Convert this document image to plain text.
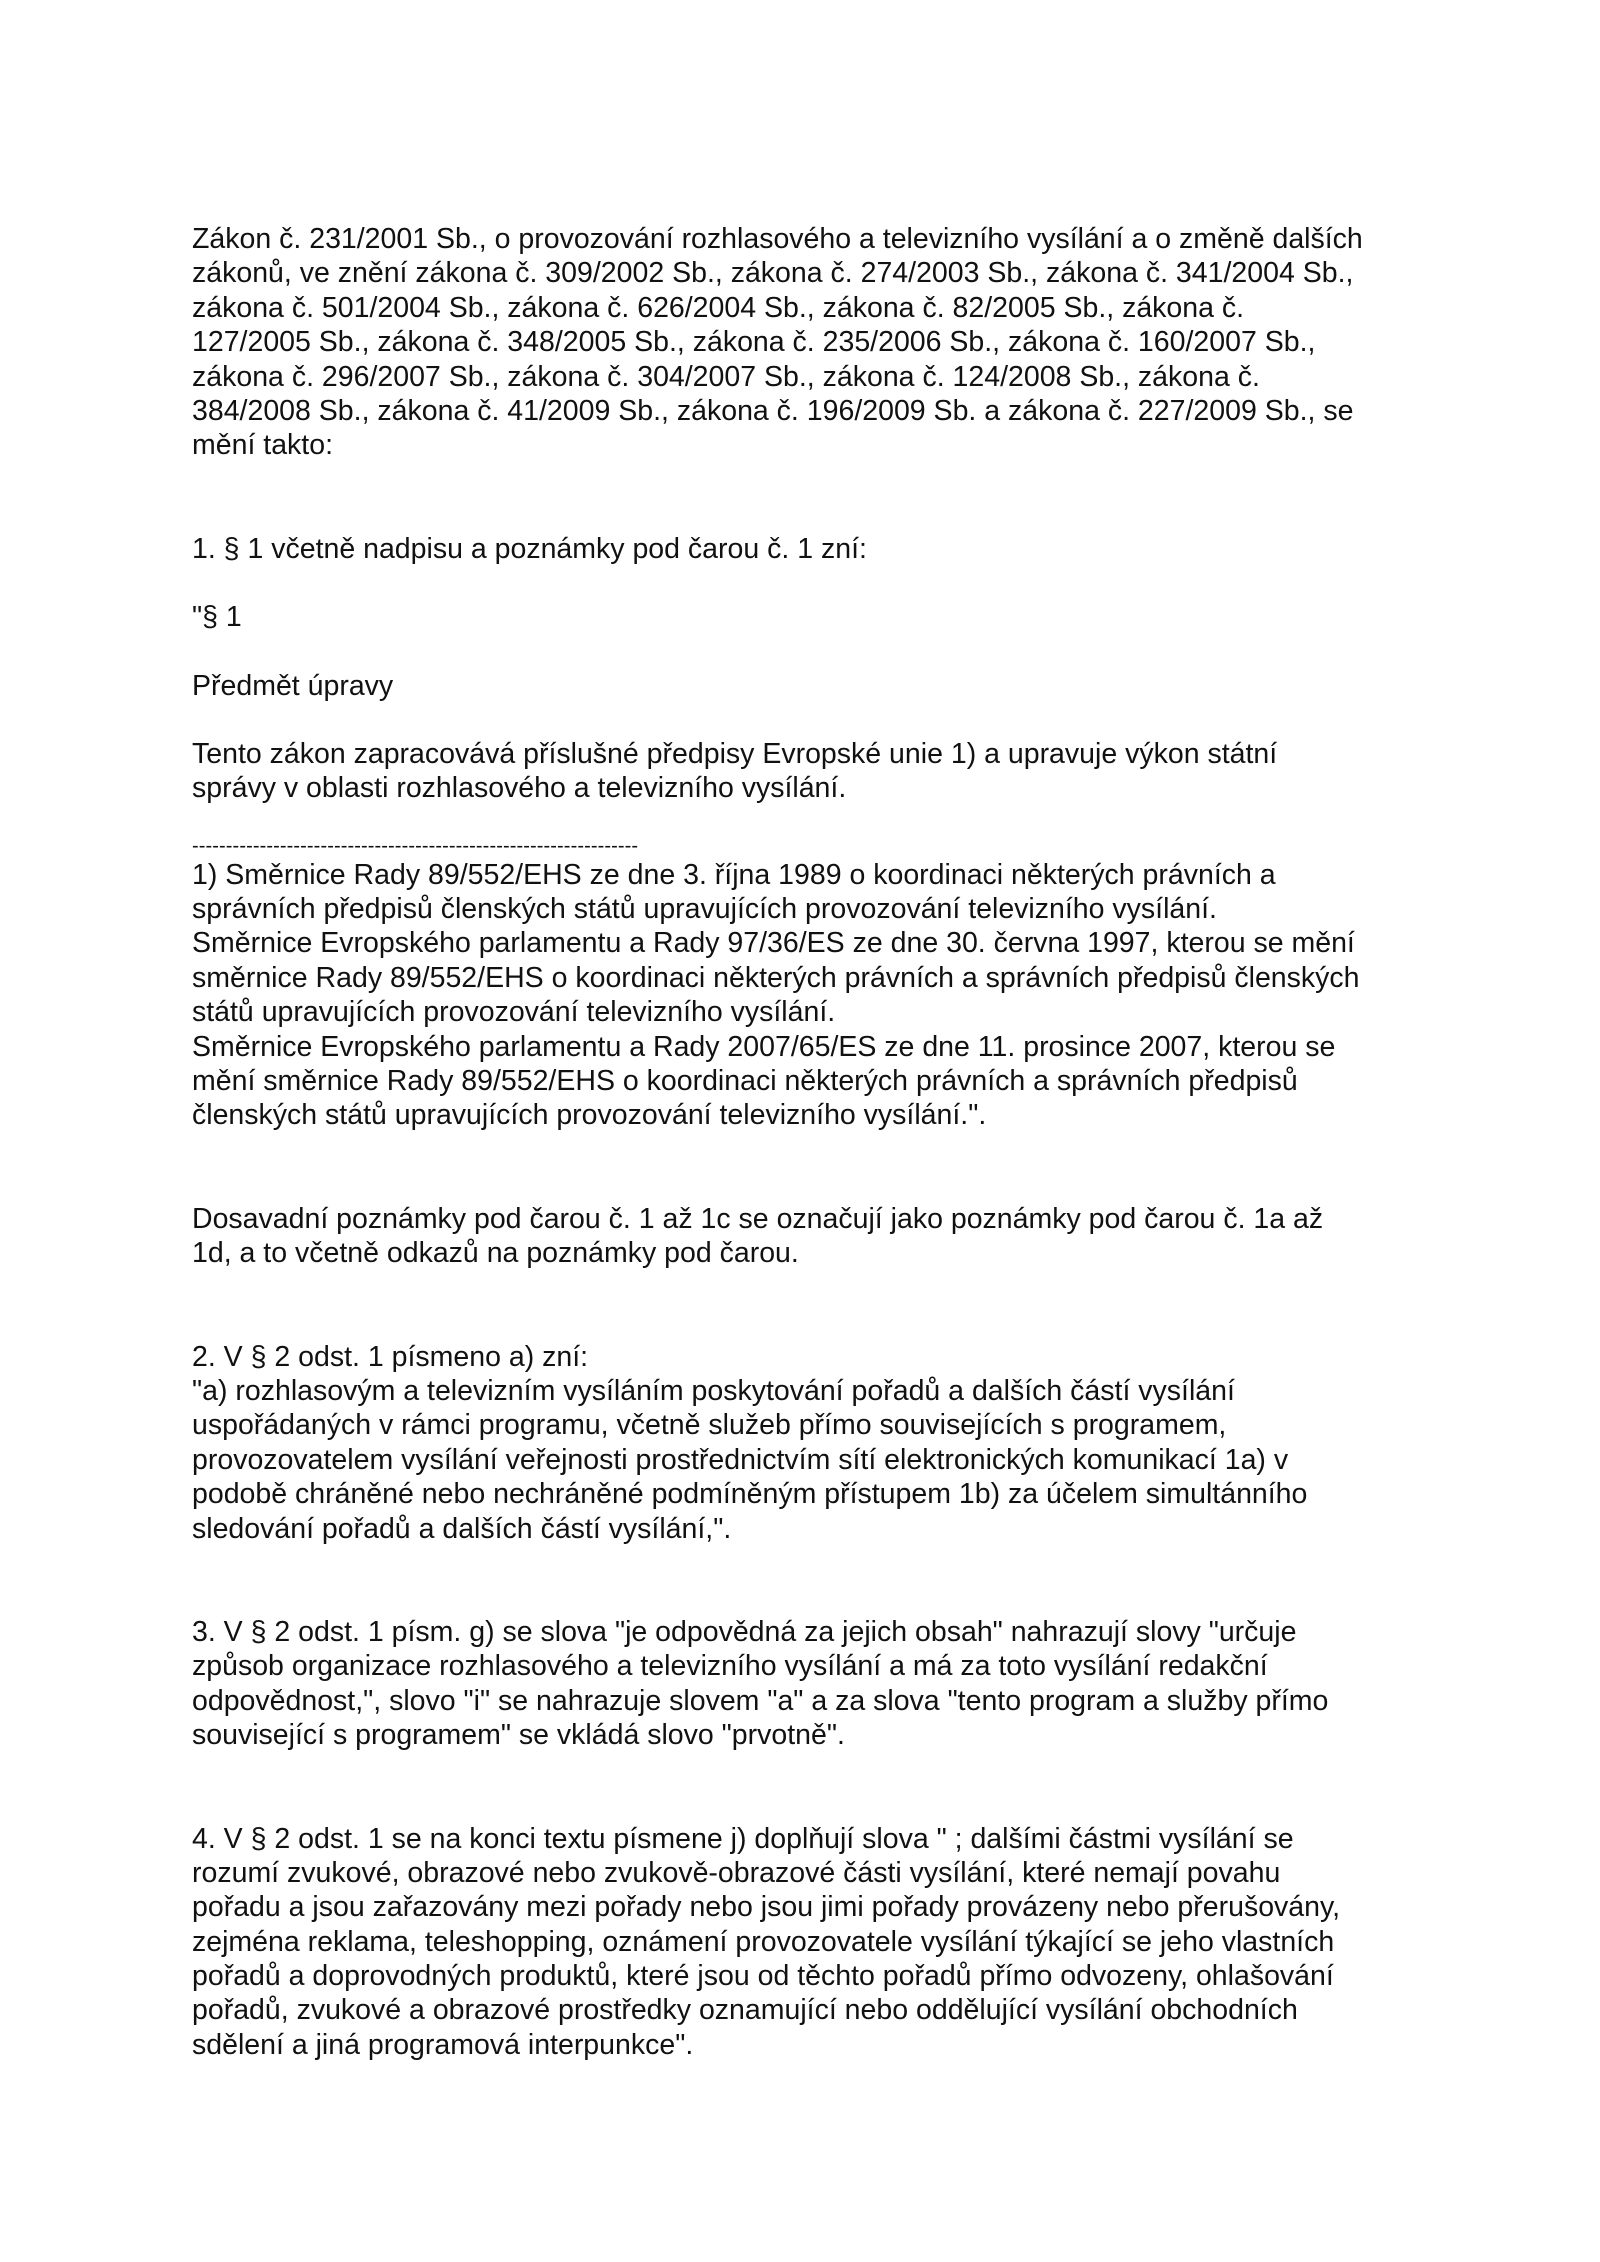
Zákon č. 231/2001 Sb., o provozování rozhlasového a televizního vysílání a o změně dalších
zákonů, ve znění zákona č. 309/2002 Sb., zákona č. 274/2003 Sb., zákona č. 341/2004 Sb.,
zákona č. 501/2004 Sb., zákona č. 626/2004 Sb., zákona č. 82/2005 Sb., zákona č.
127/2005 Sb., zákona č. 348/2005 Sb., zákona č. 235/2006 Sb., zákona č. 160/2007 Sb.,
zákona č. 296/2007 Sb., zákona č. 304/2007 Sb., zákona č. 124/2008 Sb., zákona č.
384/2008 Sb., zákona č. 41/2009 Sb., zákona č. 196/2009 Sb. a zákona č. 227/2009 Sb., se
mění takto:
1. § 1 včetně nadpisu a poznámky pod čarou č. 1 zní:
"§ 1
Předmět úpravy
Tento zákon zapracovává příslušné předpisy Evropské unie 1) a upravuje výkon státní
správy v oblasti rozhlasového a televizního vysílání.
------------------------------------------------------------------
1) Směrnice Rady 89/552/EHS ze dne 3. října 1989 o koordinaci některých právních a
správních předpisů členských států upravujících provozování televizního vysílání.
Směrnice Evropského parlamentu a Rady 97/36/ES ze dne 30. června 1997, kterou se mění
směrnice Rady 89/552/EHS o koordinaci některých právních a správních předpisů členských
států upravujících provozování televizního vysílání.
Směrnice Evropského parlamentu a Rady 2007/65/ES ze dne 11. prosince 2007, kterou se
mění směrnice Rady 89/552/EHS o koordinaci některých právních a správních předpisů
členských států upravujících provozování televizního vysílání.".
Dosavadní poznámky pod čarou č. 1 až 1c se označují jako poznámky pod čarou č. 1a až
1d, a to včetně odkazů na poznámky pod čarou.
2. V § 2 odst. 1 písmeno a) zní:
"a) rozhlasovým a televizním vysíláním poskytování pořadů a dalších částí vysílání
uspořádaných v rámci programu, včetně služeb přímo souvisejících s programem,
provozovatelem vysílání veřejnosti prostřednictvím sítí elektronických komunikací 1a) v
podobě chráněné nebo nechráněné podmíněným přístupem 1b) za účelem simultánního
sledování pořadů a dalších částí vysílání,".
3. V § 2 odst. 1 písm. g) se slova "je odpovědná za jejich obsah" nahrazují slovy "určuje
způsob organizace rozhlasového a televizního vysílání a má za toto vysílání redakční
odpovědnost,", slovo "i" se nahrazuje slovem "a" a za slova "tento program a služby přímo
související s programem" se vkládá slovo "prvotně".
4. V § 2 odst. 1 se na konci textu písmene j) doplňují slova " ; dalšími částmi vysílání se
rozumí zvukové, obrazové nebo zvukově-obrazové části vysílání, které nemají povahu
pořadu a jsou zařazovány mezi pořady nebo jsou jimi pořady provázeny nebo přerušovány,
zejména reklama, teleshopping, oznámení provozovatele vysílání týkající se jeho vlastních
pořadů a doprovodných produktů, které jsou od těchto pořadů přímo odvozeny, ohlašování
pořadů, zvukové a obrazové prostředky oznamující nebo oddělující vysílání obchodních
sdělení a jiná programová interpunkce".
